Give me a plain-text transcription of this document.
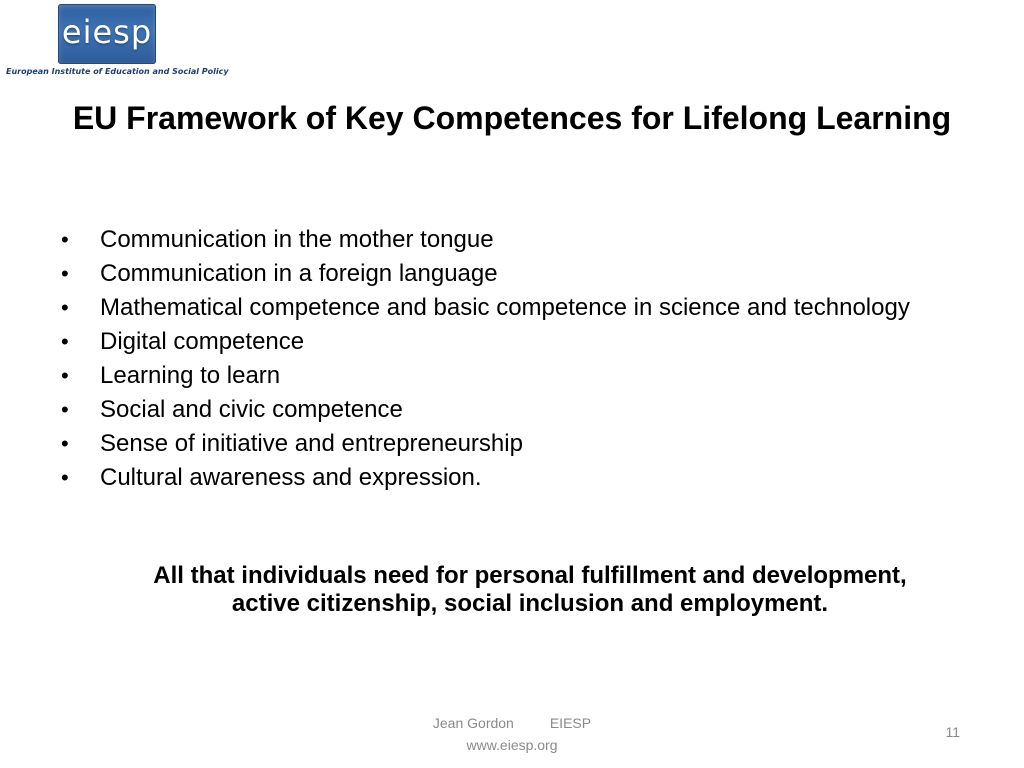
eiesp
European Institute of Education and Social Policy
EU Framework of Key Competences for Lifelong Learning
• Communication in the mother tongue
• Communication in a foreign language
• Mathematical competence and basic competence in science and technology
• Digital competence
• Learning to learn
• Social and civic competence
• Sense of initiative and entrepreneurship
• Cultural awareness and expression.

All that individuals need for personal fulfillment and development, active citizenship, social inclusion and employment.

Jean Gordon	EIESP
www.eiesp.org
11
